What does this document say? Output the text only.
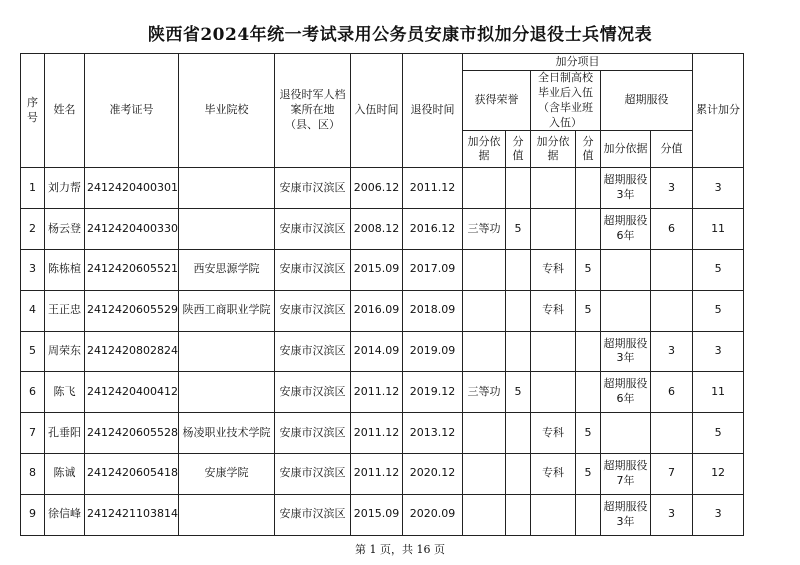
陕西省2024年统一考试录用公务员安康市拟加分退役士兵情况表
序号	姓名	准考证号	毕业院校	退役时军人档案所在地（县、区）	入伍时间	退役时间	加分项目						累计加分
							获得荣誉		全日制高校毕业后入伍（含毕业班入伍）		超期服役		
							加分依据	分值	加分依据	分值	加分依据	分值	
1	刘力帮	2412420400301		安康市汉滨区	2006.12	2011.12					超期服役3年	3	3
2	杨云登	2412420400330		安康市汉滨区	2008.12	2016.12	三等功	5			超期服役6年	6	11
3	陈栋楦	2412420605521	西安思源学院	安康市汉滨区	2015.09	2017.09			专科	5			5
4	王正忠	2412420605529	陕西工商职业学院	安康市汉滨区	2016.09	2018.09			专科	5			5
5	周荣东	2412420802824		安康市汉滨区	2014.09	2019.09					超期服役3年	3	3
6	陈飞	2412420400412		安康市汉滨区	2011.12	2019.12	三等功	5			超期服役6年	6	11
7	孔垂阳	2412420605528	杨凌职业技术学院	安康市汉滨区	2011.12	2013.12			专科	5			5
8	陈诚	2412420605418	安康学院	安康市汉滨区	2011.12	2020.12			专科	5	超期服役7年	7	12
9	徐信峰	2412421103814		安康市汉滨区	2015.09	2020.09					超期服役3年	3	3
第 1 页，共 16 页
